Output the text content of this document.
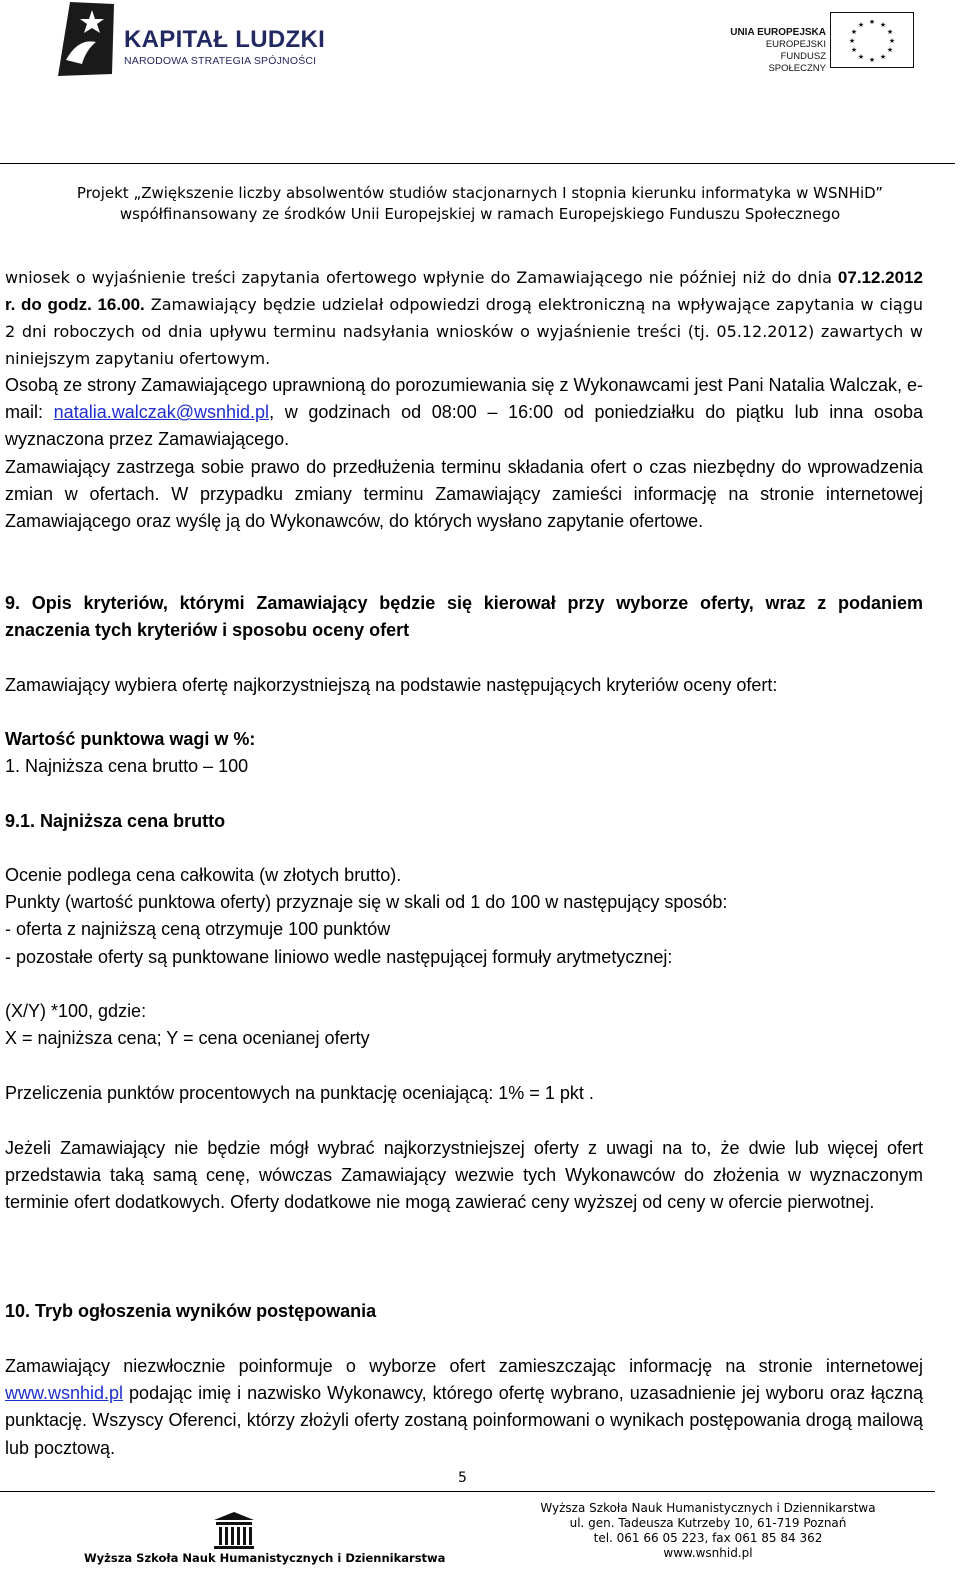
KAPITAŁ LUDZKI
NARODOWA STRATEGIA SPÓJNOŚCI
UNIA EUROPEJSKA
EUROPEJSKI
FUNDUSZ SPOŁECZNY
★ ★
★
★
★
★
★
★
★
★
★
★
Projekt „Zwiększenie liczby absolwentów studiów stacjonarnych I stopnia kierunku informatyka w WSNHiD”
współfinansowany ze środków Unii Europejskiej w ramach Europejskiego Funduszu Społecznego
wniosek o wyjaśnienie treści zapytania ofertowego wpłynie do Zamawiającego nie później niż do dnia 07.12.2012 r. do godz. 16.00. Zamawiający będzie udzielał odpowiedzi drogą elektroniczną na wpływające zapytania w ciągu 2 dni roboczych od dnia upływu terminu nadsyłania wniosków o wyjaśnienie treści (tj. 05.12.2012) zawartych w niniejszym zapytaniu ofertowym.
Osobą ze strony Zamawiającego uprawnioną do porozumiewania się z Wykonawcami jest Pani Natalia Walczak, e-mail: natalia.walczak@wsnhid.pl, w godzinach od 08:00 – 16:00 od poniedziałku do piątku lub inna osoba wyznaczona przez Zamawiającego.
Zamawiający zastrzega sobie prawo do przedłużenia terminu składania ofert o czas niezbędny do wprowadzenia zmian w ofertach. W przypadku zmiany terminu Zamawiający zamieści informację na stronie internetowej Zamawiającego oraz wyślę ją do Wykonawców, do których wysłano zapytanie ofertowe.
9. Opis kryteriów, którymi Zamawiający będzie się kierował przy wyborze oferty, wraz z podaniem znaczenia tych kryteriów i sposobu oceny ofert
Zamawiający wybiera ofertę najkorzystniejszą na podstawie następujących kryteriów oceny ofert:
Wartość punktowa wagi w %:
1. Najniższa cena brutto – 100
9.1. Najniższa cena brutto
Ocenie podlega cena całkowita (w złotych brutto).
Punkty (wartość punktowa oferty) przyznaje się w skali od 1 do 100 w następujący sposób:
- oferta z najniższą ceną otrzymuje 100 punktów
- pozostałe oferty są punktowane liniowo wedle następującej formuły arytmetycznej:
(X/Y) *100, gdzie:
X = najniższa cena; Y = cena ocenianej oferty
Przeliczenia punktów procentowych na punktację oceniającą: 1% = 1 pkt .
Jeżeli Zamawiający nie będzie mógł wybrać najkorzystniejszej oferty z uwagi na to, że dwie lub więcej ofert przedstawia taką samą cenę, wówczas Zamawiający wezwie tych Wykonawców do złożenia w wyznaczonym terminie ofert dodatkowych. Oferty dodatkowe nie mogą zawierać ceny wyższej od ceny w ofercie pierwotnej.
10. Tryb ogłoszenia wyników postępowania
Zamawiający niezwłocznie poinformuje o wyborze ofert zamieszczając informację na stronie internetowej www.wsnhid.pl podając imię i nazwisko Wykonawcy, którego ofertę wybrano, uzasadnienie jej wyboru oraz łączną punktację. Wszyscy Oferenci, którzy złożyli oferty zostaną poinformowani o wynikach postępowania drogą mailową lub pocztową.
5
Wyższa Szkoła Nauk Humanistycznych i Dziennikarstwa
Wyższa Szkoła Nauk Humanistycznych i Dziennikarstwa
ul. gen. Tadeusza Kutrzeby 10, 61-719 Poznań
tel. 061 66 05 223, fax 061 85 84 362
www.wsnhid.pl
